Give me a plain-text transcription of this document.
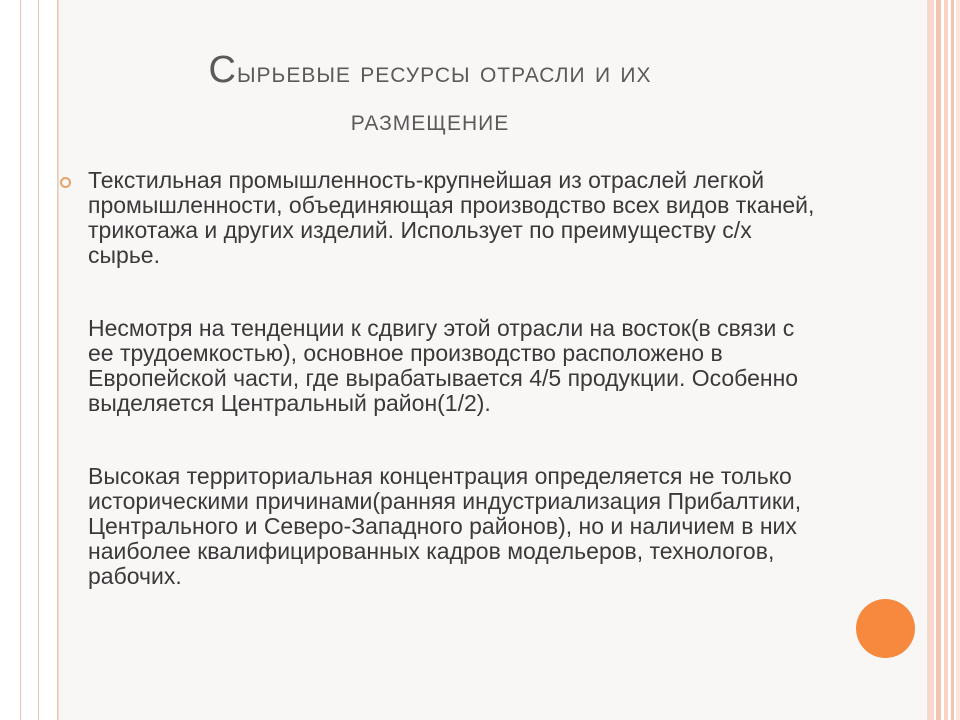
Сырьевые ресурсы отрасли и их
размещение

Текстильная промышленность-крупнейшая из отраслей легкой промышленности, объединяющая производство всех видов тканей, трикотажа и других изделий. Использует по преимуществу с/х сырье.

Несмотря на тенденции к сдвигу этой отрасли на восток(в связи с ее трудоемкостью), основное производство расположено в Европейской части, где вырабатывается 4/5 продукции. Особенно выделяется Центральный район(1/2).

Высокая территориальная концентрация определяется не только историческими причинами(ранняя индустриализация Прибалтики, Центрального и Северо-Западного районов), но и наличием в них наиболее квалифицированных кадров модельеров, технологов, рабочих.
